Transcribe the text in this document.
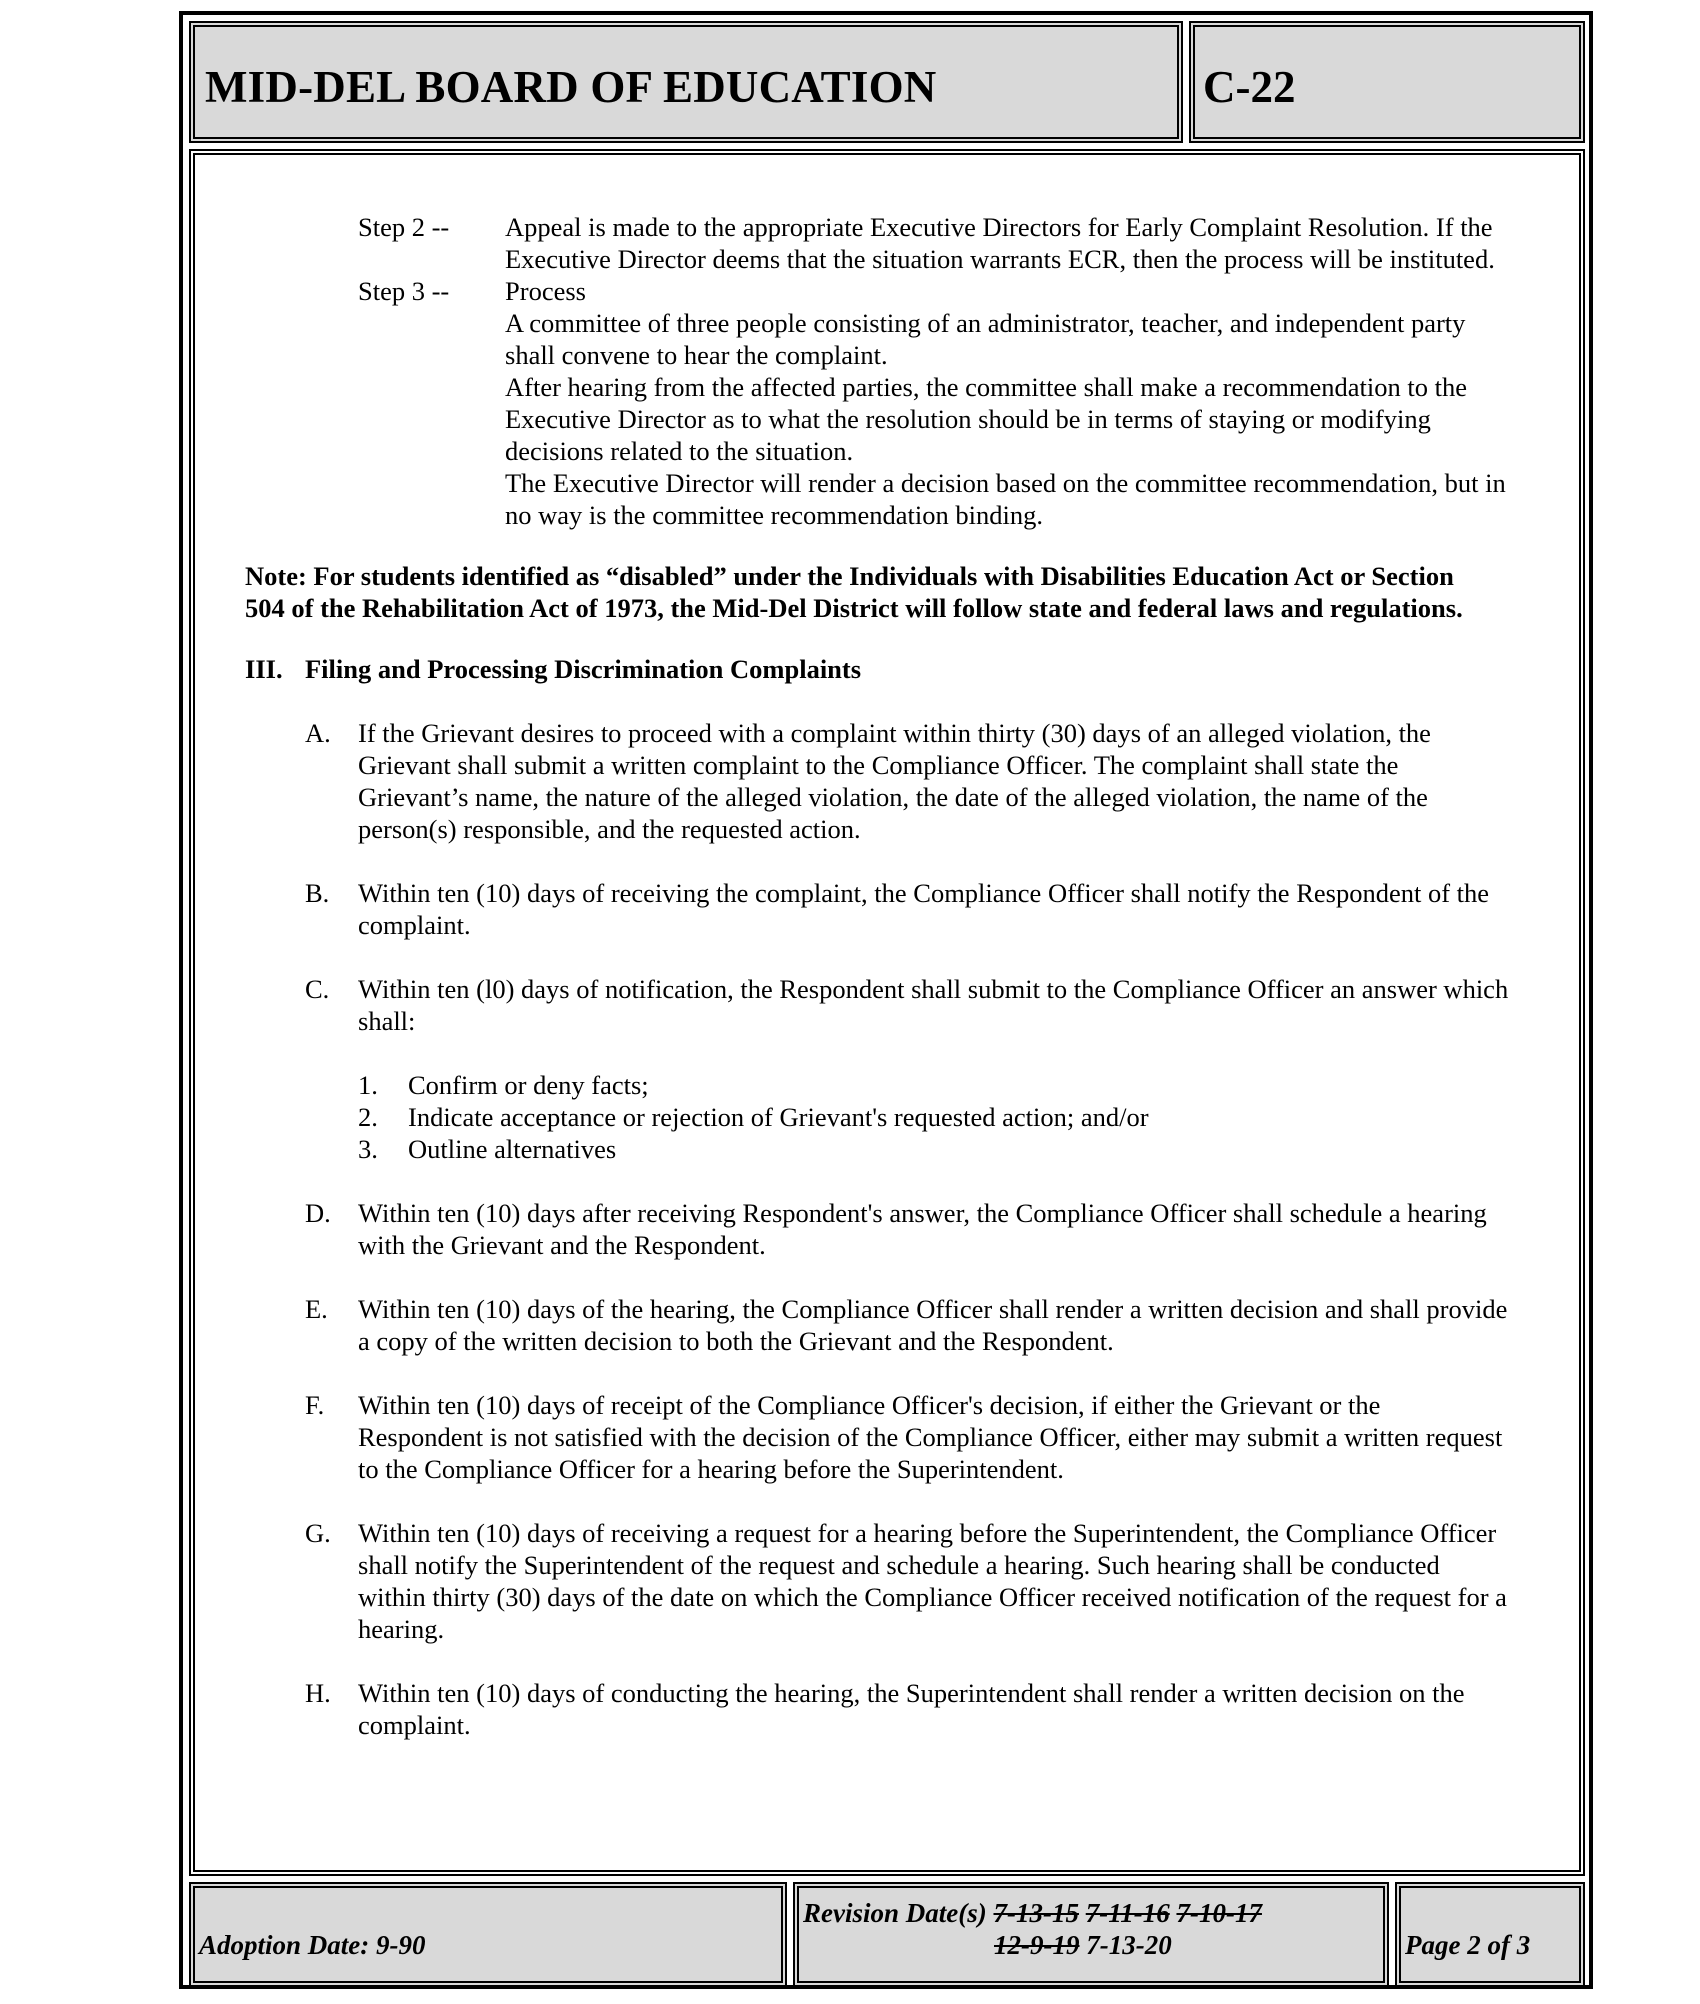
MID-DEL BOARD OF EDUCATION	C-22
Step 2 -- Appeal is made to the appropriate Executive Directors for Early Complaint Resolution. If the
Executive Director deems that the situation warrants ECR, then the process will be instituted.
Step 3 -- Process
A committee of three people consisting of an administrator, teacher, and independent party
shall convene to hear the complaint.
After hearing from the affected parties, the committee shall make a recommendation to the
Executive Director as to what the resolution should be in terms of staying or modifying
decisions related to the situation.
The Executive Director will render a decision based on the committee recommendation, but in
no way is the committee recommendation binding.
Note: For students identified as “disabled” under the Individuals with Disabilities Education Act or Section
504 of the Rehabilitation Act of 1973, the Mid-Del District will follow state and federal laws and regulations.
III. Filing and Processing Discrimination Complaints
A. If the Grievant desires to proceed with a complaint within thirty (30) days of an alleged violation, the
Grievant shall submit a written complaint to the Compliance Officer. The complaint shall state the
Grievant’s name, the nature of the alleged violation, the date of the alleged violation, the name of the
person(s) responsible, and the requested action.
B. Within ten (10) days of receiving the complaint, the Compliance Officer shall notify the Respondent of the
complaint.
C. Within ten (l0) days of notification, the Respondent shall submit to the Compliance Officer an answer which
shall:
1. Confirm or deny facts;
2. Indicate acceptance or rejection of Grievant's requested action; and/or
3. Outline alternatives
D. Within ten (10) days after receiving Respondent's answer, the Compliance Officer shall schedule a hearing
with the Grievant and the Respondent.
E. Within ten (10) days of the hearing, the Compliance Officer shall render a written decision and shall provide
a copy of the written decision to both the Grievant and the Respondent.
F. Within ten (10) days of receipt of the Compliance Officer's decision, if either the Grievant or the
Respondent is not satisfied with the decision of the Compliance Officer, either may submit a written request
to the Compliance Officer for a hearing before the Superintendent.
G. Within ten (10) days of receiving a request for a hearing before the Superintendent, the Compliance Officer
shall notify the Superintendent of the request and schedule a hearing. Such hearing shall be conducted
within thirty (30) days of the date on which the Compliance Officer received notification of the request for a
hearing.
H. Within ten (10) days of conducting the hearing, the Superintendent shall render a written decision on the
complaint.
Adoption Date: 9-90
Revision Date(s) 7-13-15 7-11-16 7-10-17
12-9-19 7-13-20	Page 2 of 3
